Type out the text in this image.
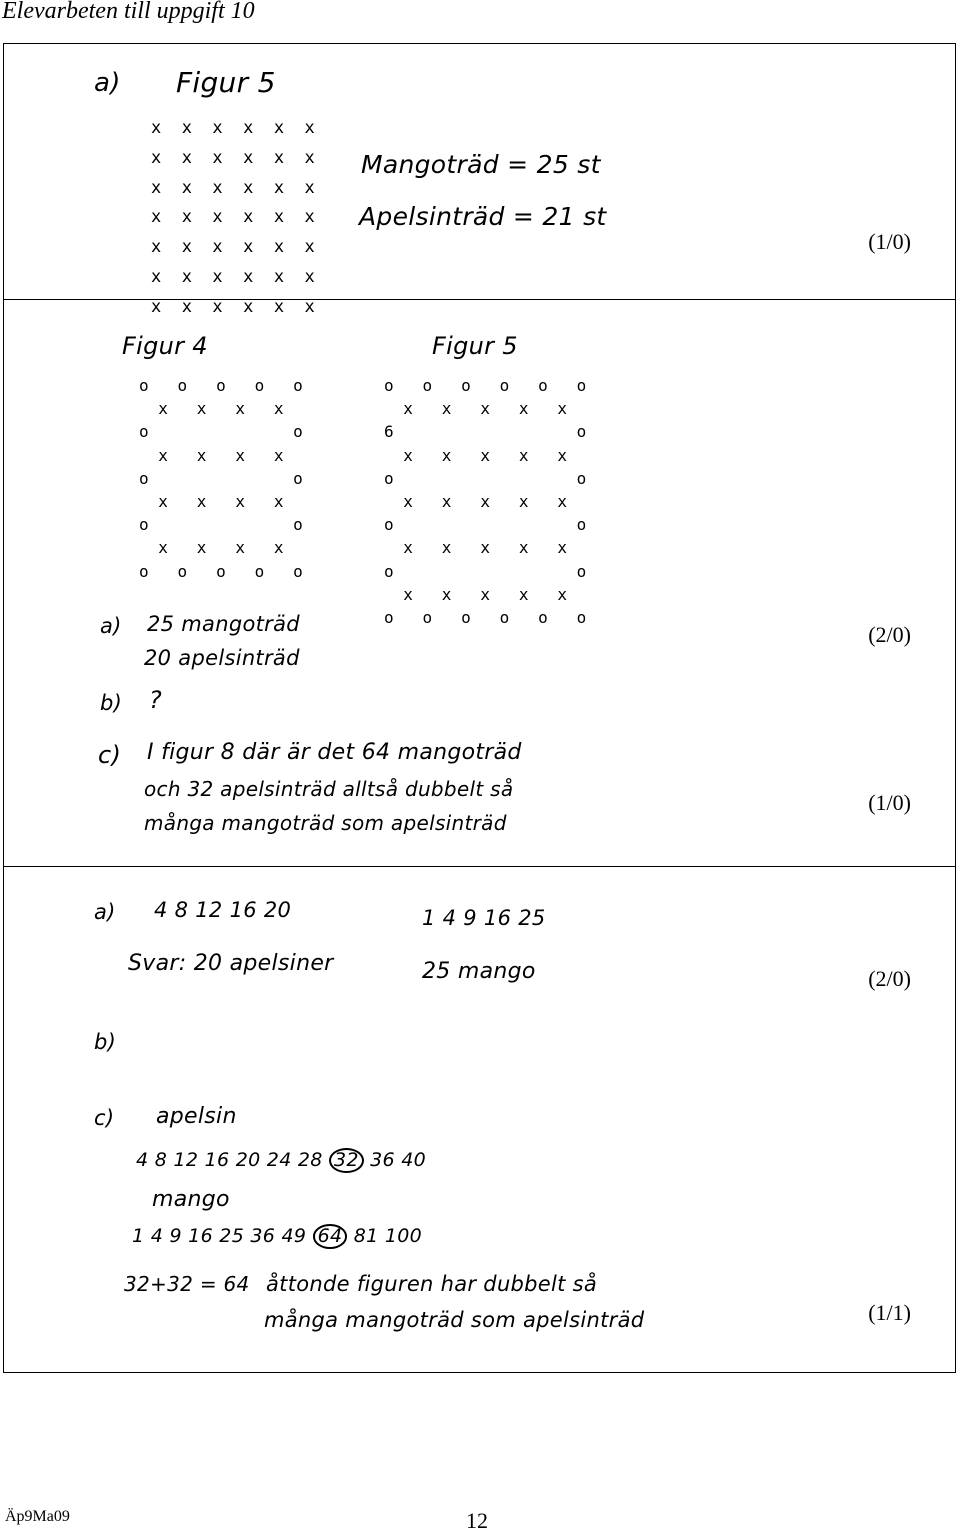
Elevarbeten till uppgift 10
a) Figur 5
x  x  x  x  x  x
x  x  x  x  x  x
x  x  x  x  x  x
x  x  x  x  x  x
x  x  x  x  x  x
x  x  x  x  x  x
x  x  x  x  x  x
Mangoträd = 25 st
Apelsinträd = 21 st
(1/0)
Figur 4
o   o   o   o   o
x   x   x   x
o               o
x   x   x   x
o               o
x   x   x   x
o               o
x   x   x   x
o   o   o   o   o
Figur 5
o   o   o   o   o   o
x   x   x   x   x
6                   o
x   x   x   x   x
o                   o
x   x   x   x   x
o                   o
x   x   x   x   x
o                   o
x   x   x   x   x
o   o   o   o   o   o
a) 25 mangoträd
20 apelsinträd
(2/0)
b) ?
c) I figur 8 där är det 64 mangoträd
och 32 apelsinträd alltså dubbelt så
många mangoträd som apelsinträd
(1/0)
a) 4 8 12 16 20	1 4 9 16 25
Svar: 20 apelsiner	25 mango	(2/0)
b)
c) apelsin
4 8 12 16 20 24 28 32 36 40
mango
1 4 9 16 25 36 49 64 81 100
32+32 = 64 åttonde figuren har dubbelt så
många mangoträd som apelsinträd	(1/1)
Äp9Ma09	12
